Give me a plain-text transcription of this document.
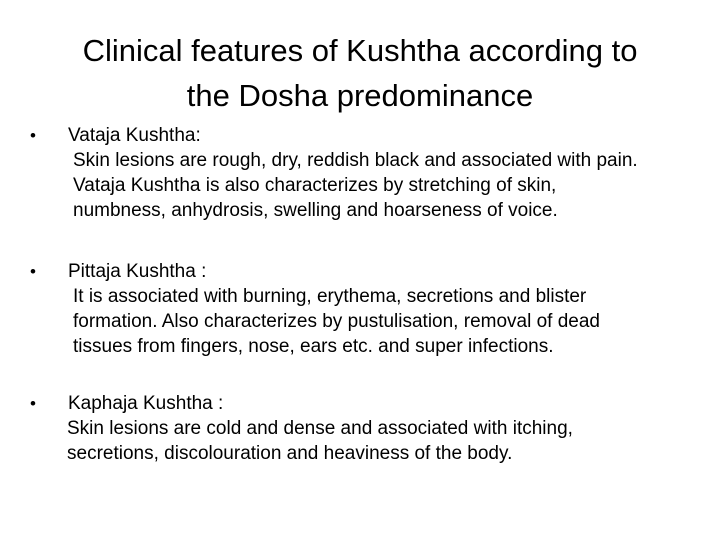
Clinical features of Kushtha according to
the Dosha predominance
•	Vataja Kushtha:
Skin lesions are rough, dry, reddish black and associated with pain.
Vataja Kushtha is also characterizes by stretching of skin,
numbness, anhydrosis, swelling and hoarseness of voice.
•	Pittaja Kushtha :
It is associated with burning, erythema, secretions and blister
formation. Also characterizes by pustulisation, removal of dead
tissues from fingers, nose, ears etc. and super infections.
•	Kaphaja Kushtha :
Skin lesions are cold and dense and associated with itching,
secretions, discolouration and heaviness of the body.
